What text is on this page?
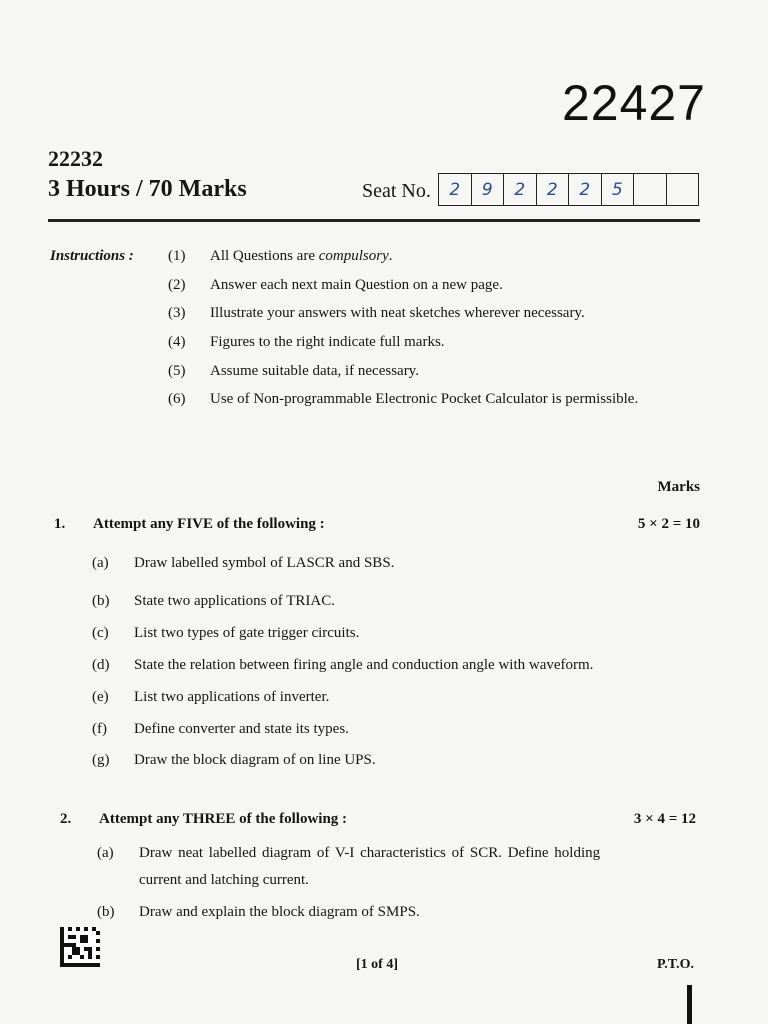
22427
22232
3 Hours / 70 Marks	Seat No.	2	9	2	2	2	5
Instructions : (1)	All Questions are compulsory.
(2)	Answer each next main Question on a new page.
(3)	Illustrate your answers with neat sketches wherever necessary.
(4)	Figures to the right indicate full marks.
(5)	Assume suitable data, if necessary.
(6)	Use of Non-programmable Electronic Pocket Calculator is permissible.
Marks
1. Attempt any FIVE of the following :	5 × 2 = 10
(a) Draw labelled symbol of LASCR and SBS.
(b) State two applications of TRIAC.
(c) List two types of gate trigger circuits.
(d) State the relation between firing angle and conduction angle with waveform.
(e) List two applications of inverter.
(f) Define converter and state its types.
(g) Draw the block diagram of on line UPS.
2. Attempt any THREE of the following :	3 × 4 = 12
(a) Draw neat labelled diagram of V-I characteristics of SCR. Define holding
current and latching current.
(b) Draw and explain the block diagram of SMPS.
[1 of 4]	P.T.O.
